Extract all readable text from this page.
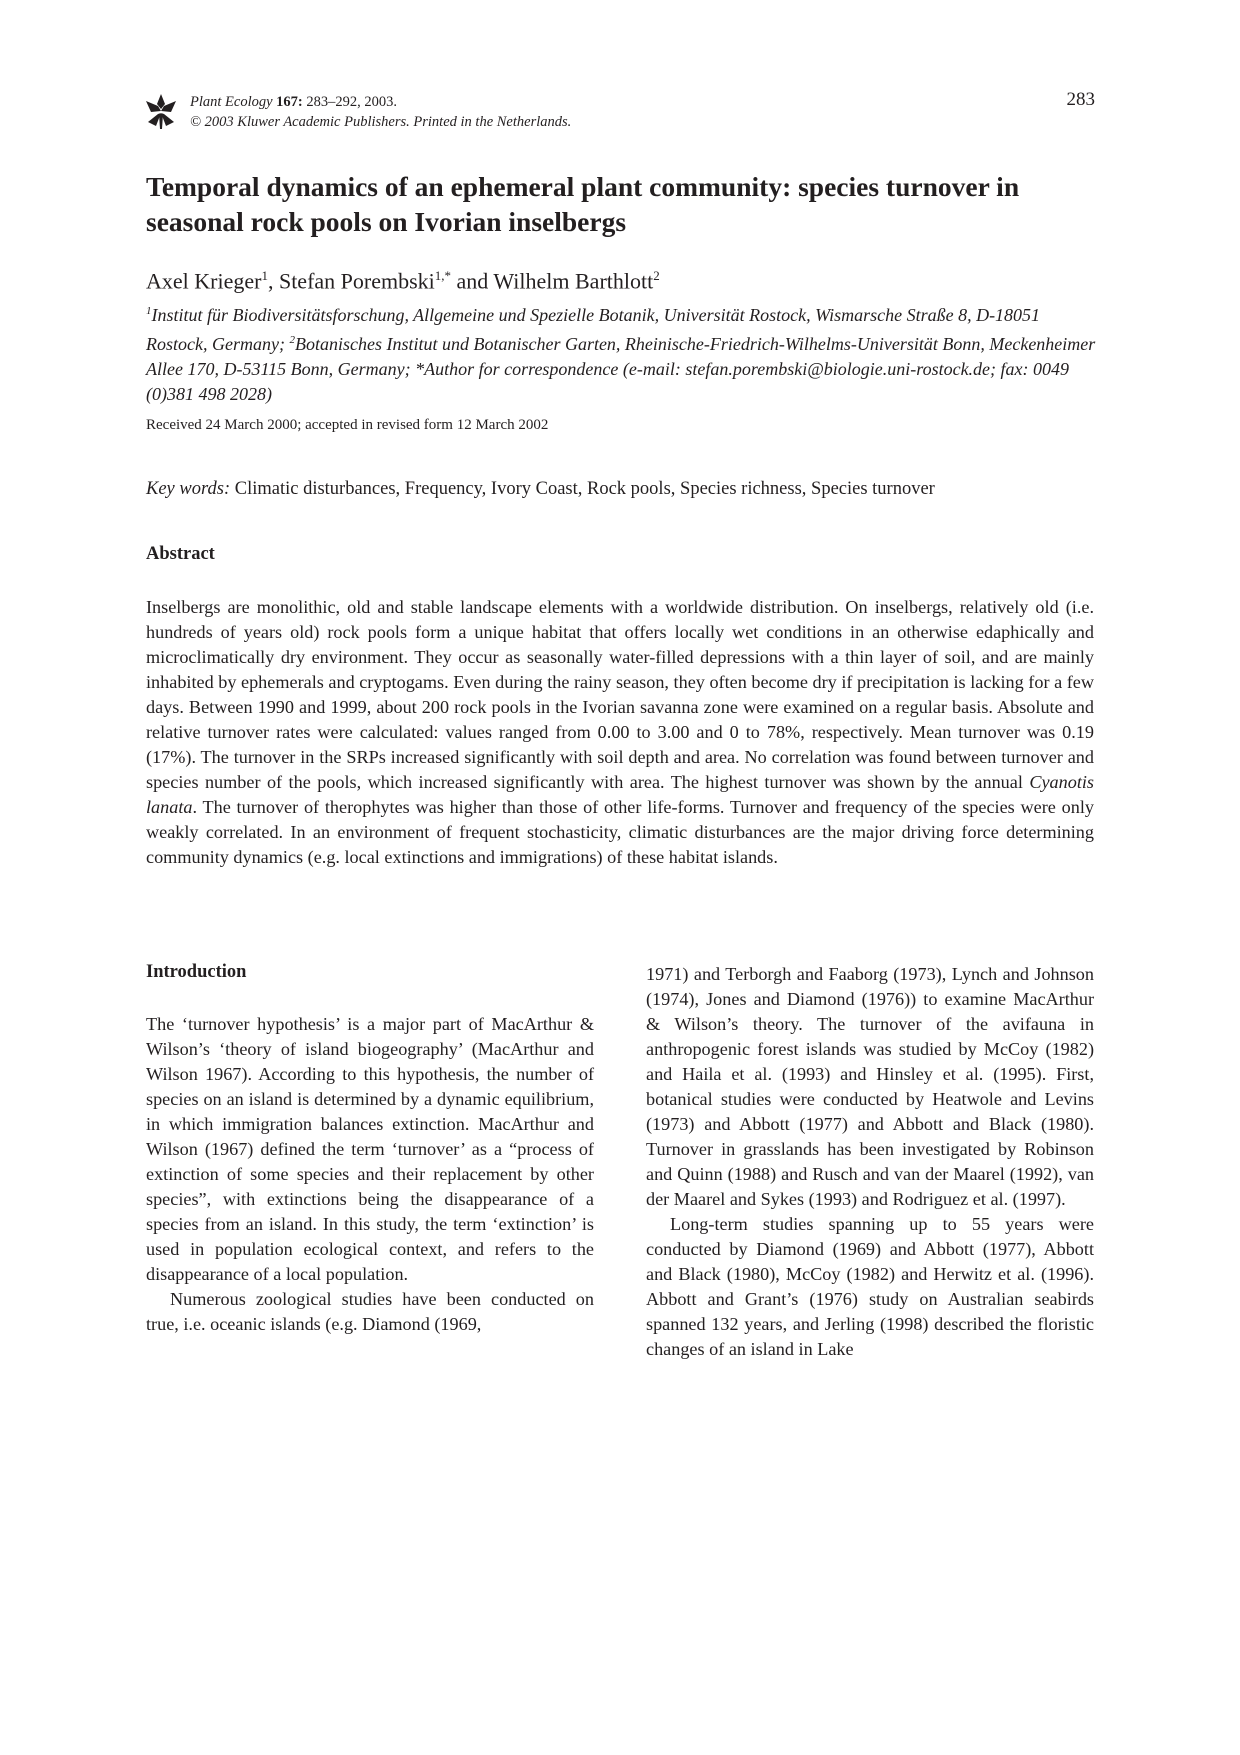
Plant Ecology 167: 283–292, 2003.
© 2003 Kluwer Academic Publishers. Printed in the Netherlands.
283
Temporal dynamics of an ephemeral plant community: species turnover in seasonal rock pools on Ivorian inselbergs
Axel Krieger$^1$, Stefan Porembski$^{1,*}$ and Wilhelm Barthlott$^2$
$^1$Institut für Biodiversitätsforschung, Allgemeine und Spezielle Botanik, Universität Rostock, Wismarsche Straße 8, D-18051 Rostock, Germany; $^2$Botanisches Institut und Botanischer Garten, Rheinische-Friedrich-Wilhelms-Universität Bonn, Meckenheimer Allee 170, D-53115 Bonn, Germany; *Author for correspondence (e-mail: stefan.porembski@biologie.uni-rostock.de; fax: 0049 (0)381 498 2028)
Received 24 March 2000; accepted in revised form 12 March 2002
Key words: Climatic disturbances, Frequency, Ivory Coast, Rock pools, Species richness, Species turnover
Abstract

Inselbergs are monolithic, old and stable landscape elements with a worldwide distribution. On inselbergs, relatively old (i.e. hundreds of years old) rock pools form a unique habitat that offers locally wet conditions in an otherwise edaphically and microclimatically dry environment. They occur as seasonally water-filled depressions with a thin layer of soil, and are mainly inhabited by ephemerals and cryptogams. Even during the rainy season, they often become dry if precipitation is lacking for a few days. Between 1990 and 1999, about 200 rock pools in the Ivorian savanna zone were examined on a regular basis. Absolute and relative turnover rates were calculated: values ranged from 0.00 to 3.00 and 0 to 78%, respectively. Mean turnover was 0.19 (17%). The turnover in the SRPs increased significantly with soil depth and area. No correlation was found between turnover and species number of the pools, which increased significantly with area. The highest turnover was shown by the annual Cyanotis lanata. The turnover of therophytes was higher than those of other life-forms. Turnover and frequency of the species were only weakly correlated. In an environment of frequent stochasticity, climatic disturbances are the major driving force determining community dynamics (e.g. local extinctions and immigrations) of these habitat islands.

Introduction

The ‘turnover hypothesis’ is a major part of MacArthur & Wilson’s ‘theory of island biogeography’ (MacArthur and Wilson 1967). According to this hypothesis, the number of species on an island is determined by a dynamic equilibrium, in which immigration balances extinction. MacArthur and Wilson (1967) defined the term ‘turnover’ as a “process of extinction of some species and their replacement by other species”, with extinctions being the disappearance of a species from an island. In this study, the term ‘extinction’ is used in population ecological context, and refers to the disappearance of a local population.

Numerous zoological studies have been conducted on true, i.e. oceanic islands (e.g. Diamond (1969,

1971) and Terborgh and Faaborg (1973), Lynch and Johnson (1974), Jones and Diamond (1976)) to examine MacArthur & Wilson’s theory. The turnover of the avifauna in anthropogenic forest islands was studied by McCoy (1982) and Haila et al. (1993) and Hinsley et al. (1995). First, botanical studies were conducted by Heatwole and Levins (1973) and Abbott (1977) and Abbott and Black (1980). Turnover in grasslands has been investigated by Robinson and Quinn (1988) and Rusch and van der Maarel (1992), van der Maarel and Sykes (1993) and Rodriguez et al. (1997).

Long-term studies spanning up to 55 years were conducted by Diamond (1969) and Abbott (1977), Abbott and Black (1980), McCoy (1982) and Herwitz et al. (1996). Abbott and Grant’s (1976) study on Australian seabirds spanned 132 years, and Jerling (1998) described the floristic changes of an island in Lake
